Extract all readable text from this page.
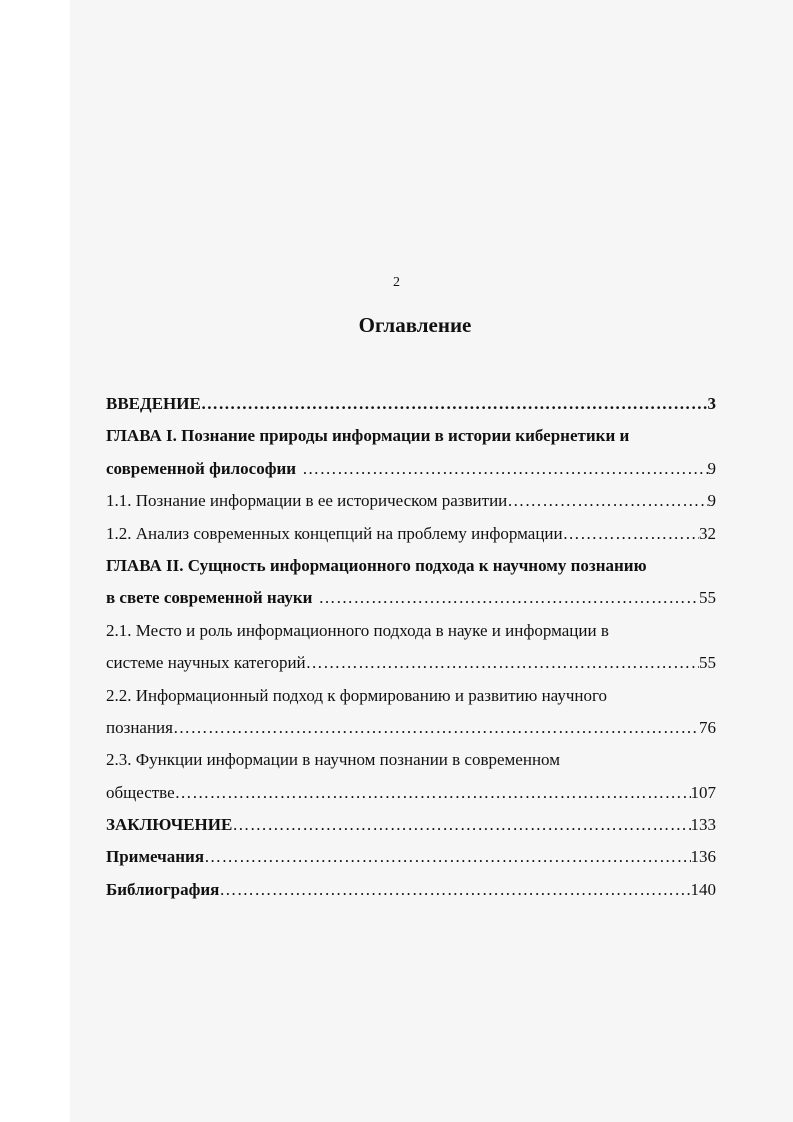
2
Оглавление
ВВЕДЕНИЕ …………………………………………………………………………………………………………………………………………………………	3
ГЛАВА I. Познание природы информации в истории кибернетики и
современной философии …………………………………………………………………………………………………………………………………………………………	9
1.1. Познание информации в ее историческом развитии …………………………………………………………………………………………………………………………………………………………	9
1.2. Анализ современных концепций на проблему информации …………………………………………………………………………………………………………………………………………………………	32
ГЛАВА II. Сущность информационного подхода к научному познанию
в свете современной науки …………………………………………………………………………………………………………………………………………………………	55
2.1. Место и роль информационного подхода в науке и информации в
системе научных категорий …………………………………………………………………………………………………………………………………………………………	55
2.2. Информационный подход к формированию и развитию научного
познания …………………………………………………………………………………………………………………………………………………………	76
2.3. Функции информации в научном познании в современном
обществе …………………………………………………………………………………………………………………………………………………………	107
ЗАКЛЮЧЕНИЕ …………………………………………………………………………………………………………………………………………………………	133
Примечания …………………………………………………………………………………………………………………………………………………………	136
Библиография …………………………………………………………………………………………………………………………………………………………	140
